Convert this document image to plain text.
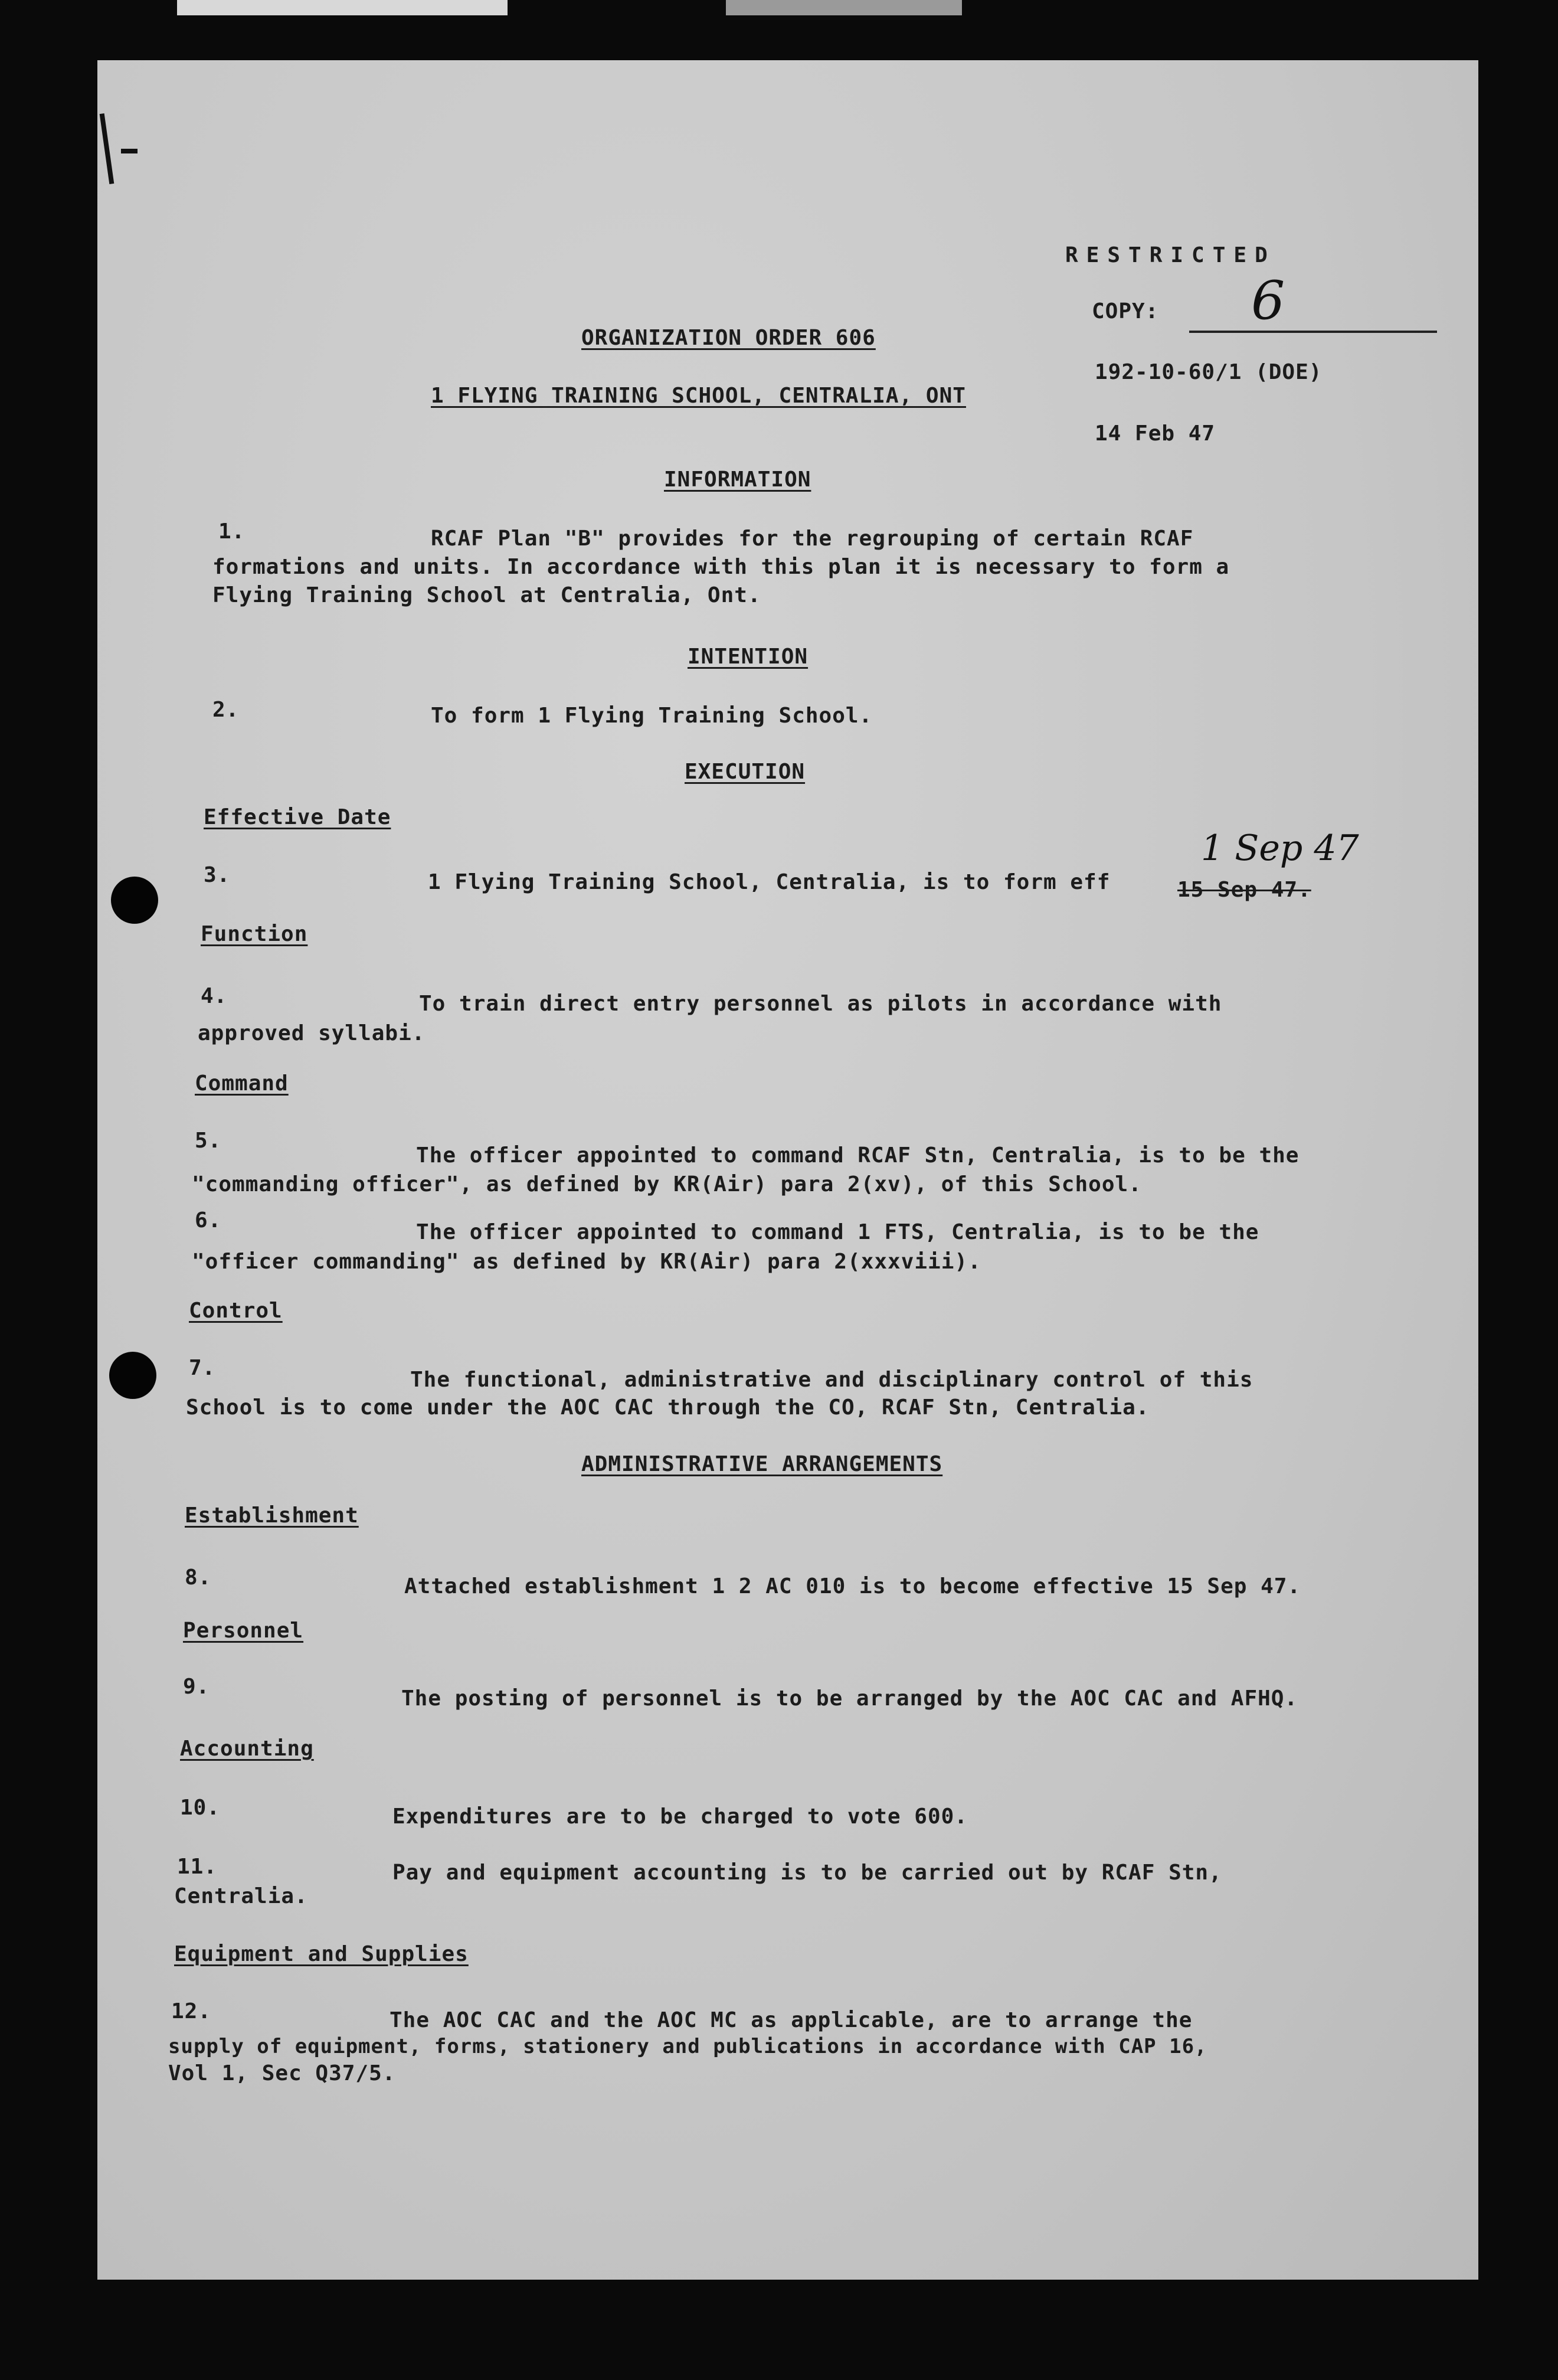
RESTRICTED
COPY: 6
192-10-60/1 (DOE)
14 Feb 47
ORGANIZATION ORDER 606
1 FLYING TRAINING SCHOOL, CENTRALIA, ONT
INFORMATION
1.	RCAF Plan "B" provides for the regrouping of certain RCAF
formations and units. In accordance with this plan it is necessary to form a
Flying Training School at Centralia, Ont.
INTENTION
2.	To form 1 Flying Training School.
EXECUTION
Effective Date
3.	1 Flying Training School, Centralia, is to form eff	15 Sep 47.
1 Sep 47
Function
4.	To train direct entry personnel as pilots in accordance with
approved syllabi.
Command
5.
The officer appointed to command RCAF Stn, Centralia, is to be the
"commanding officer", as defined by KR(Air) para 2(xv), of this School.
6.	The officer appointed to command 1 FTS, Centralia, is to be the
"officer commanding" as defined by KR(Air) para 2(xxxviii).
Control
7.	The functional, administrative and disciplinary control of this
School is to come under the AOC CAC through the CO, RCAF Stn, Centralia.
ADMINISTRATIVE ARRANGEMENTS
Establishment
8.	Attached establishment 1 2 AC 010 is to become effective 15 Sep 47.
Personnel
9.	The posting of personnel is to be arranged by the AOC CAC and AFHQ.
Accounting
10.	Expenditures are to be charged to vote 600.
11.	Pay and equipment accounting is to be carried out by RCAF Stn,
Centralia.
Equipment and Supplies
12.	The AOC CAC and the AOC MC as applicable, are to arrange the
supply of equipment, forms, stationery and publications in accordance with CAP 16,
Vol 1, Sec Q37/5.
